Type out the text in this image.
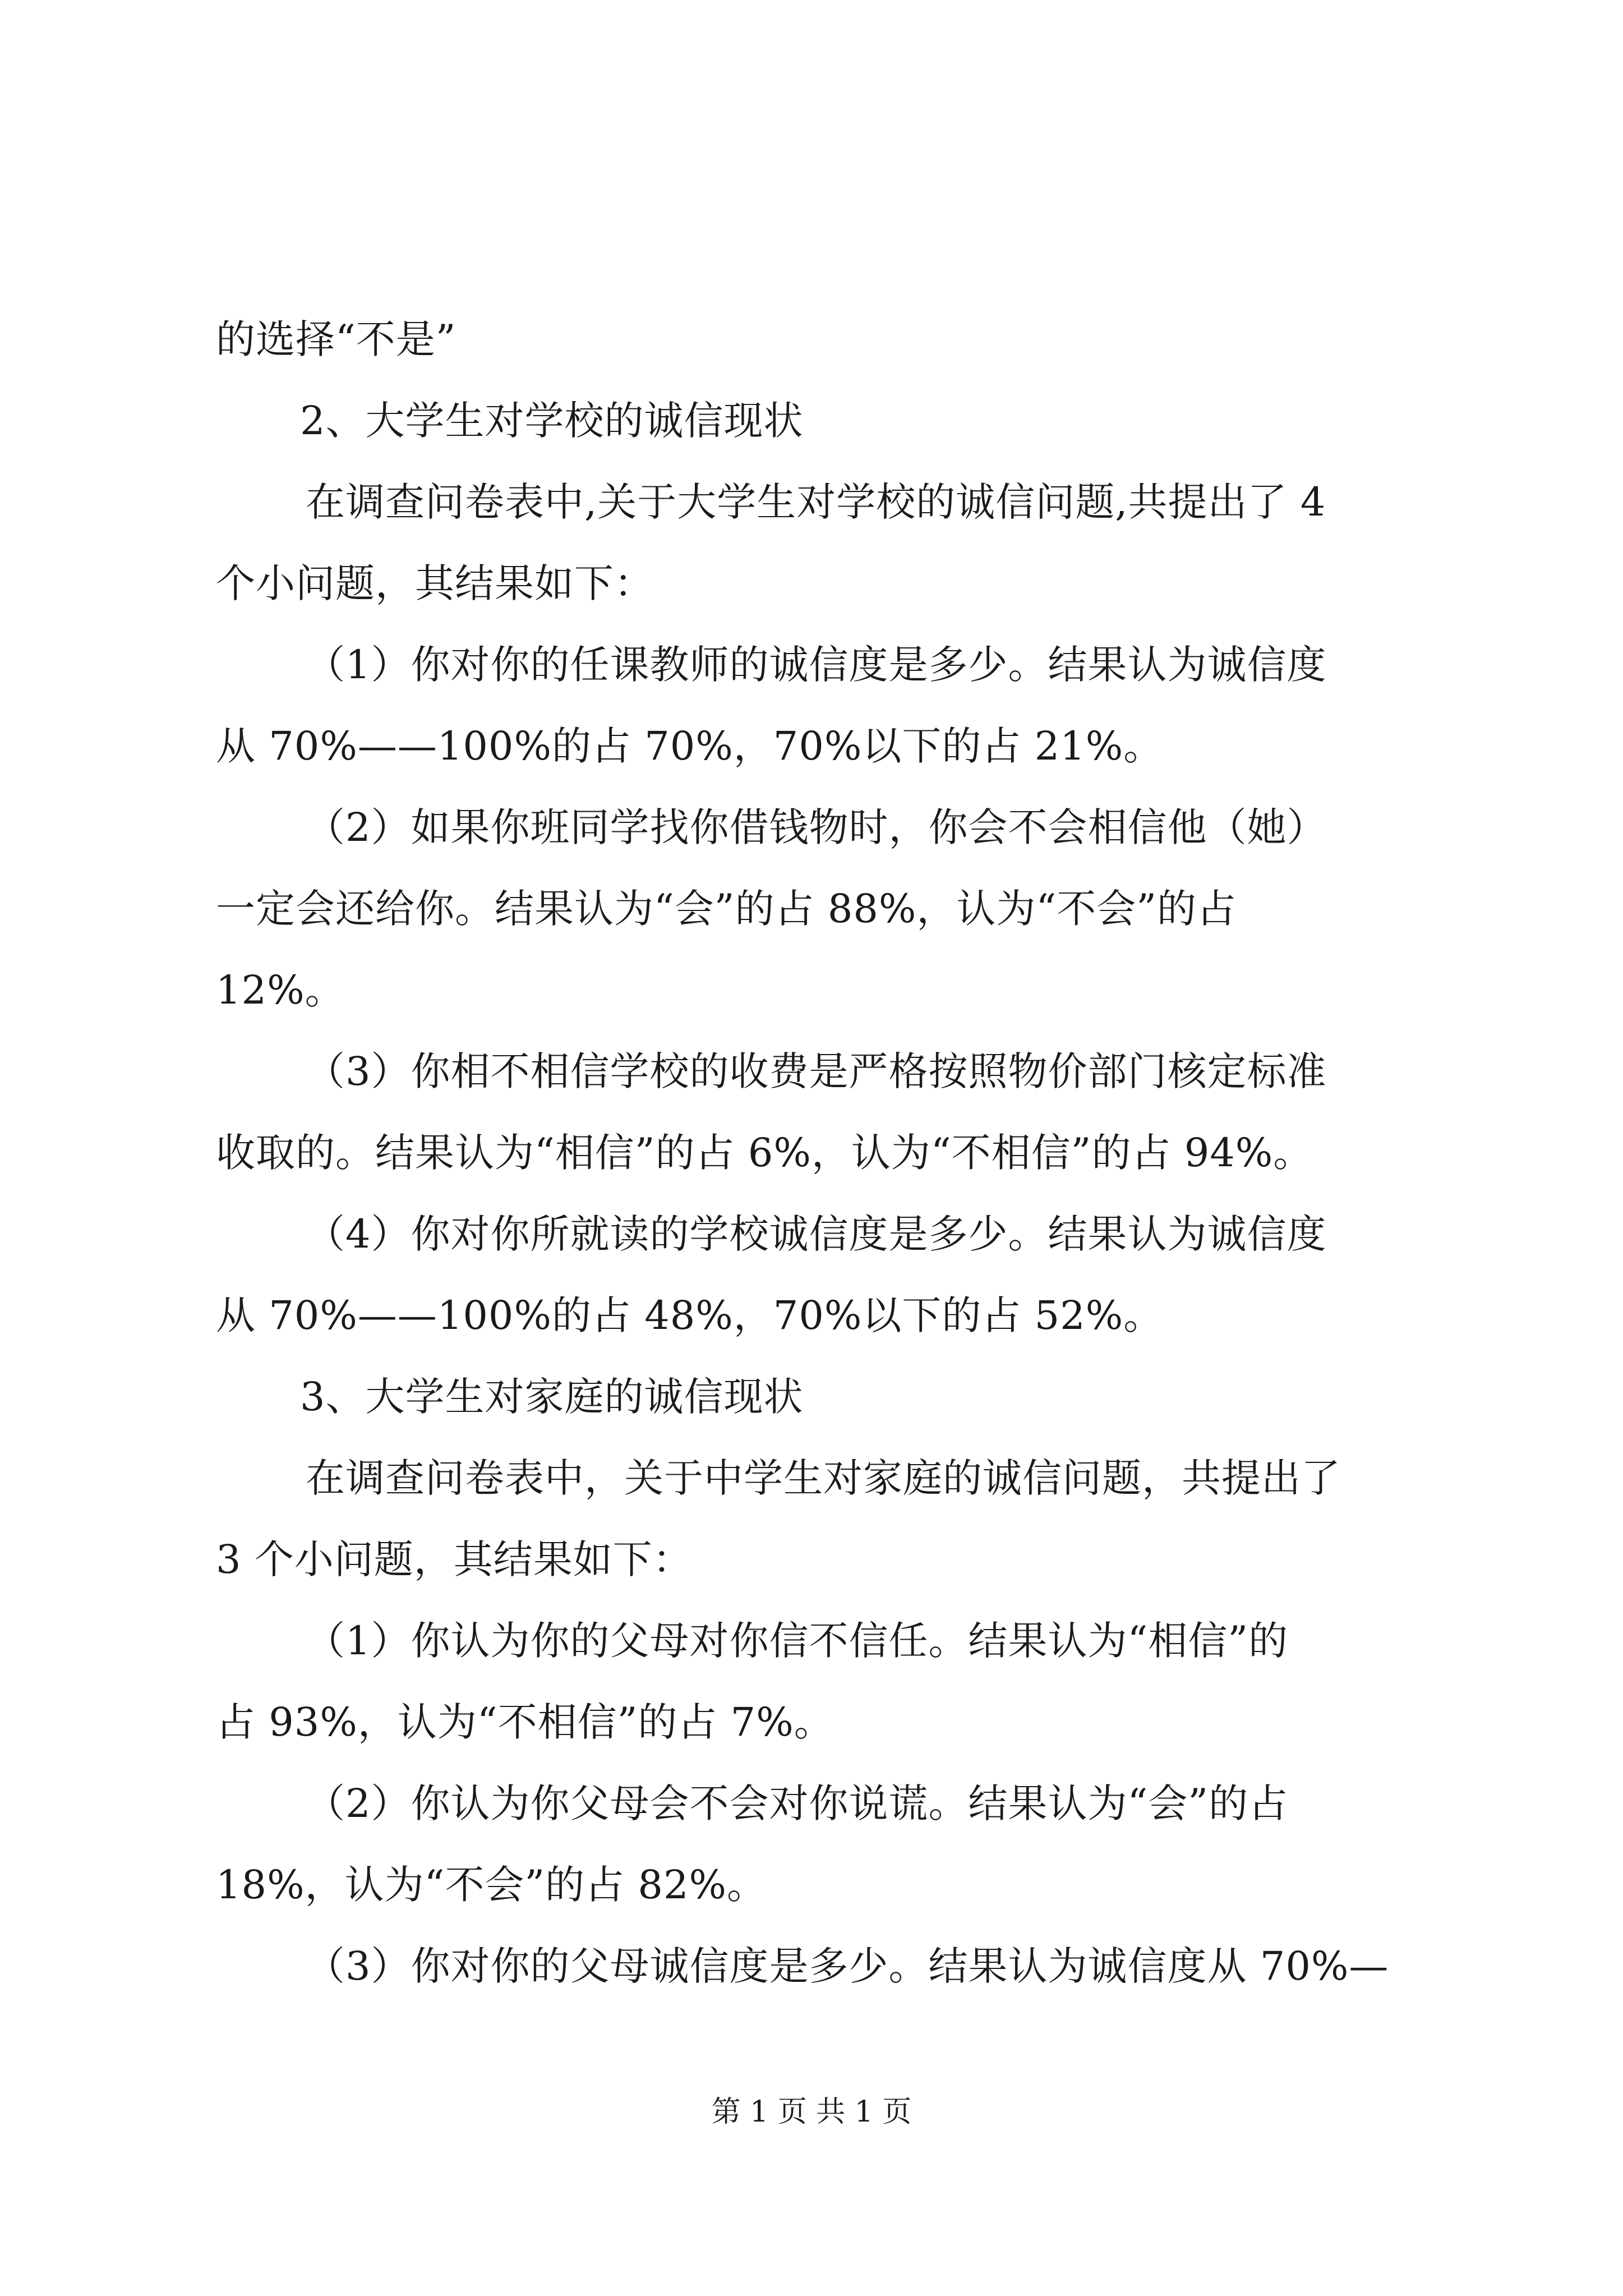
的选择“不是”
2、大学生对学校的诚信现状
在调查问卷表中,关于大学生对学校的诚信问题,共提出了 4
个小问题，其结果如下：
（1）你对你的任课教师的诚信度是多少。结果认为诚信度
从 70%——100%的占 70%，70%以下的占 21%。
（2）如果你班同学找你借钱物时，你会不会相信他（她）
一定会还给你。结果认为“会”的占 88%，认为“不会”的占
12%。
（3）你相不相信学校的收费是严格按照物价部门核定标准
收取的。结果认为“相信”的占 6%，认为“不相信”的占 94%。
（4）你对你所就读的学校诚信度是多少。结果认为诚信度
从 70%——100%的占 48%，70%以下的占 52%。
3、大学生对家庭的诚信现状
在调查问卷表中，关于中学生对家庭的诚信问题，共提出了
3 个小问题，其结果如下：
（1）你认为你的父母对你信不信任。结果认为“相信”的
占 93%，认为“不相信”的占 7%。
（2）你认为你父母会不会对你说谎。结果认为“会”的占
18%，认为“不会”的占 82%。
（3）你对你的父母诚信度是多少。结果认为诚信度从 70%—
第 1 页 共 1 页
